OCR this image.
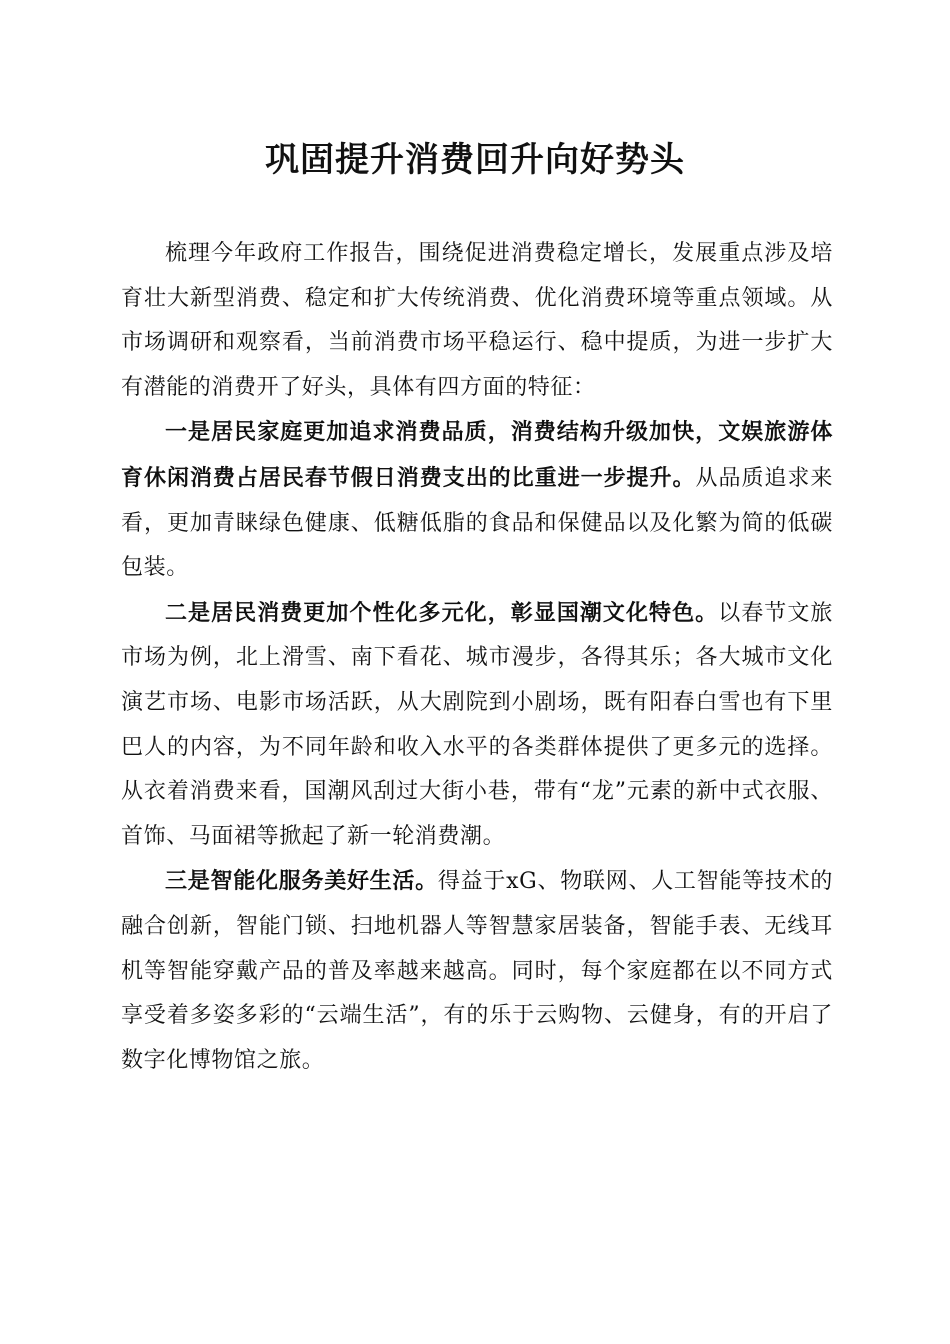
巩固提升消费回升向好势头

梳理今年政府工作报告，围绕促进消费稳定增长，发展重点涉及培育壮大新型消费、稳定和扩大传统消费、优化消费环境等重点领域。从市场调研和观察看，当前消费市场平稳运行、稳中提质，为进一步扩大有潜能的消费开了好头，具体有四方面的特征：

一是居民家庭更加追求消费品质，消费结构升级加快，文娱旅游体育休闲消费占居民春节假日消费支出的比重进一步提升。从品质追求来看，更加青睐绿色健康、低糖低脂的食品和保健品以及化繁为简的低碳包装。

二是居民消费更加个性化多元化，彰显国潮文化特色。以春节文旅市场为例，北上滑雪、南下看花、城市漫步，各得其乐；各大城市文化演艺市场、电影市场活跃，从大剧院到小剧场，既有阳春白雪也有下里巴人的内容，为不同年龄和收入水平的各类群体提供了更多元的选择。从衣着消费来看，国潮风刮过大街小巷，带有“龙”元素的新中式衣服、首饰、马面裙等掀起了新一轮消费潮。

三是智能化服务美好生活。得益于xG、物联网、人工智能等技术的融合创新，智能门锁、扫地机器人等智慧家居装备，智能手表、无线耳机等智能穿戴产品的普及率越来越高。同时，每个家庭都在以不同方式享受着多姿多彩的“云端生活”，有的乐于云购物、云健身，有的开启了数字化博物馆之旅。
